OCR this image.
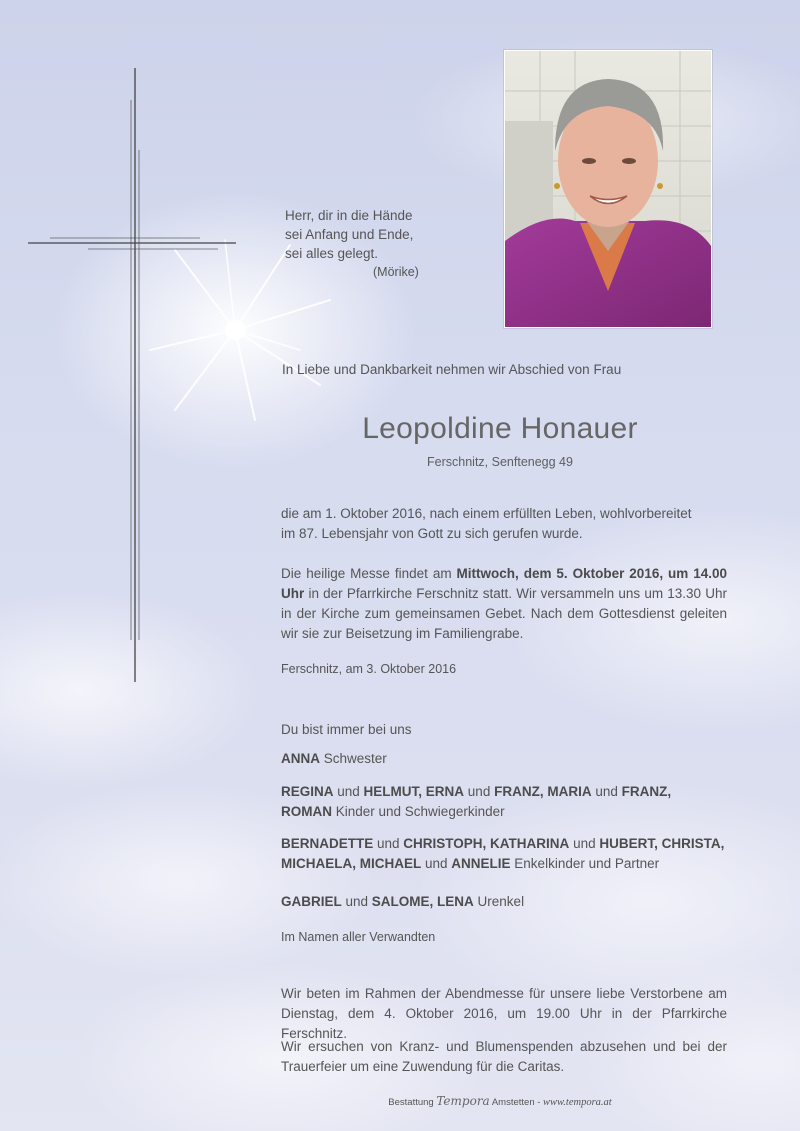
Herr, dir in die Hände
sei Anfang und Ende,
sei alles gelegt.
(Mörike)
In Liebe und Dankbarkeit nehmen wir Abschied von Frau
Leopoldine Honauer
Ferschnitz, Senftenegg 49
die am 1. Oktober 2016, nach einem erfüllten Leben, wohlvorbereitet
im 87. Lebensjahr von Gott zu sich gerufen wurde.
Die heilige Messe findet am Mittwoch, dem 5. Oktober 2016, um 14.00 Uhr in der Pfarrkirche Ferschnitz statt. Wir versammeln uns um 13.30 Uhr in der Kirche zum gemeinsamen Gebet. Nach dem Gottesdienst geleiten wir sie zur Beisetzung im Familiengrabe.
Ferschnitz, am 3. Oktober 2016
Du bist immer bei uns
ANNA Schwester
REGINA und HELMUT, ERNA und FRANZ, MARIA und FRANZ,
ROMAN Kinder und Schwiegerkinder
BERNADETTE und CHRISTOPH, KATHARINA und HUBERT, CHRISTA,
MICHAELA, MICHAEL und ANNELIE Enkelkinder und Partner
GABRIEL und SALOME, LENA Urenkel
Im Namen aller Verwandten
Wir beten im Rahmen der Abendmesse für unsere liebe Verstorbene am Dienstag, dem 4. Oktober 2016, um 19.00 Uhr in der Pfarrkirche Ferschnitz.
Wir ersuchen von Kranz- und Blumenspenden abzusehen und bei der Trauerfeier um eine Zuwendung für die Caritas.
Bestattung Tempora Amstetten - www.tempora.at
